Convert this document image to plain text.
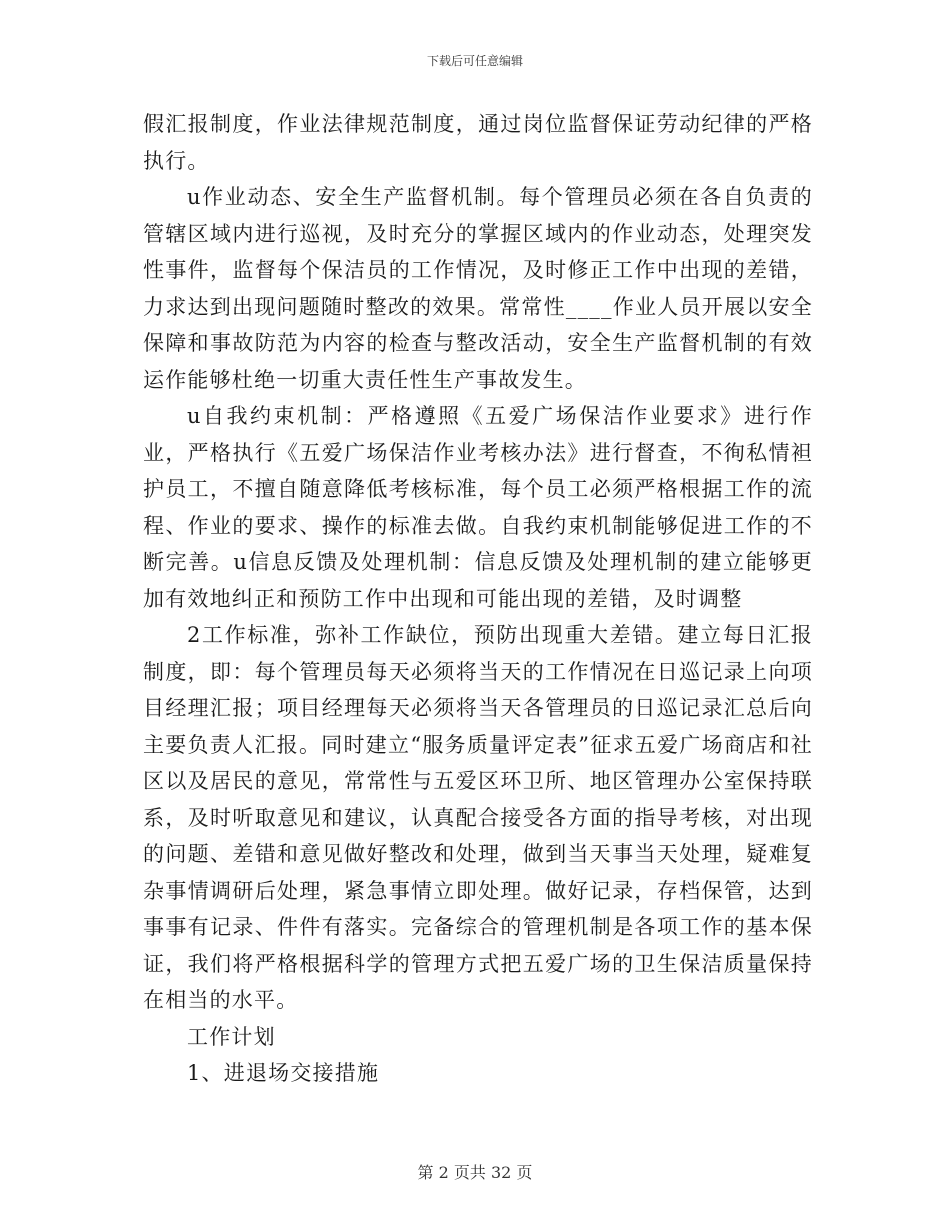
下载后可任意编辑

假汇报制度，作业法律规范制度，通过岗位监督保证劳动纪律的严格执行。

u作业动态、安全生产监督机制。每个管理员必须在各自负责的管辖区域内进行巡视，及时充分的掌握区域内的作业动态，处理突发性事件，监督每个保洁员的工作情况，及时修正工作中出现的差错，力求达到出现问题随时整改的效果。常常性____作业人员开展以安全保障和事故防范为内容的检查与整改活动，安全生产监督机制的有效运作能够杜绝一切重大责任性生产事故发生。

u自我约束机制：严格遵照《五爱广场保洁作业要求》进行作业，严格执行《五爱广场保洁作业考核办法》进行督查，不徇私情袒护员工，不擅自随意降低考核标准，每个员工必须严格根据工作的流程、作业的要求、操作的标准去做。自我约束机制能够促进工作的不断完善。u信息反馈及处理机制：信息反馈及处理机制的建立能够更加有效地纠正和预防工作中出现和可能出现的差错，及时调整

2工作标准，弥补工作缺位，预防出现重大差错。建立每日汇报制度，即：每个管理员每天必须将当天的工作情况在日巡记录上向项目经理汇报；项目经理每天必须将当天各管理员的日巡记录汇总后向主要负责人汇报。同时建立“服务质量评定表”征求五爱广场商店和社区以及居民的意见，常常性与五爱区环卫所、地区管理办公室保持联系，及时听取意见和建议，认真配合接受各方面的指导考核，对出现的问题、差错和意见做好整改和处理，做到当天事当天处理，疑难复杂事情调研后处理，紧急事情立即处理。做好记录，存档保管，达到事事有记录、件件有落实。完备综合的管理机制是各项工作的基本保证，我们将严格根据科学的管理方式把五爱广场的卫生保洁质量保持在相当的水平。

工作计划

1、进退场交接措施

第 2 页共 32 页
